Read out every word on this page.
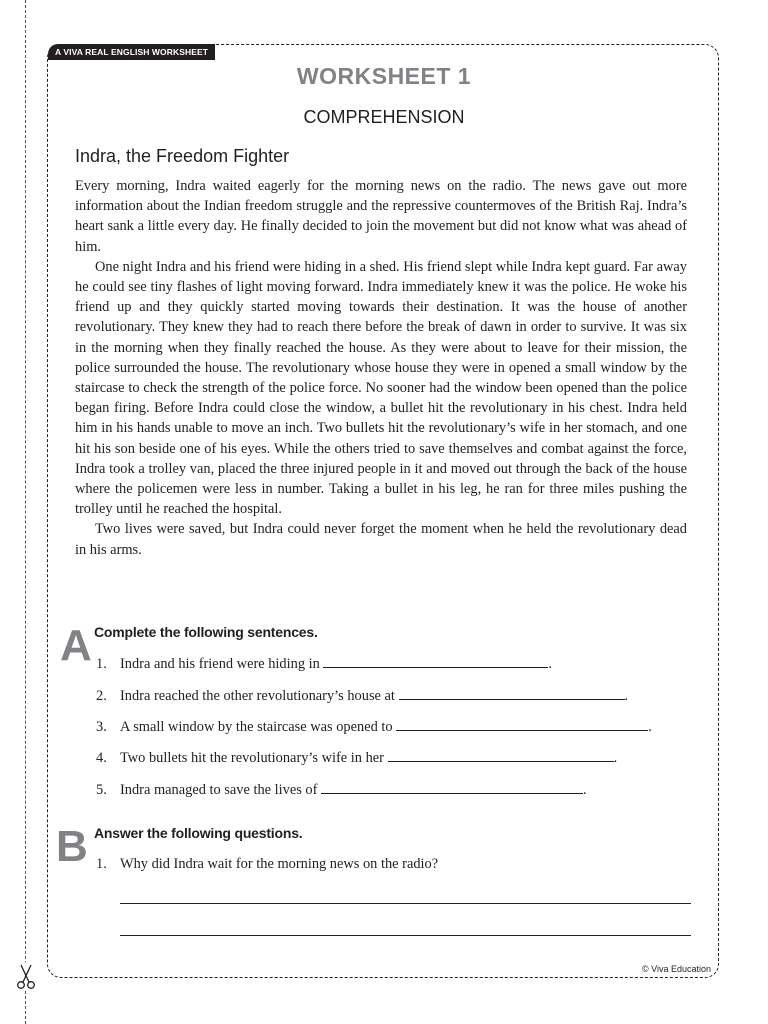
A VIVA REAL ENGLISH WORKSHEET
WORKSHEET 1
COMPREHENSION
Indra, the Freedom Fighter

Every morning, Indra waited eagerly for the morning news on the radio. The news gave out more information about the Indian freedom struggle and the repressive countermoves of the British Raj. Indra’s heart sank a little every day. He finally decided to join the movement but did not know what was ahead of him.

One night Indra and his friend were hiding in a shed. His friend slept while Indra kept guard. Far away he could see tiny flashes of light moving forward. Indra immediately knew it was the police. He woke his friend up and they quickly started moving towards their destination. It was the house of another revolutionary. They knew they had to reach there before the break of dawn in order to survive. It was six in the morning when they finally reached the house. As they were about to leave for their mission, the police surrounded the house. The revolutionary whose house they were in opened a small window by the staircase to check the strength of the police force. No sooner had the window been opened than the police began firing. Before Indra could close the window, a bullet hit the revolutionary in his chest. Indra held him in his hands unable to move an inch. Two bullets hit the revolutionary’s wife in her stomach, and one hit his son beside one of his eyes. While the others tried to save themselves and combat against the force, Indra took a trolley van, placed the three injured people in it and moved out through the back of the house where the policemen were less in number. Taking a bullet in his leg, he ran for three miles pushing the trolley until he reached the hospital.

Two lives were saved, but Indra could never forget the moment when he held the revolutionary dead in his arms.

A Complete the following sentences.
1. Indra and his friend were hiding in	.
2. Indra reached the other revolutionary’s house at	.
3. A small window by the staircase was opened to	.
4. Two bullets hit the revolutionary’s wife in her	.
5. Indra managed to save the lives of	.
B Answer the following questions.
1. Why did Indra wait for the morning news on the radio?
© Viva Education
